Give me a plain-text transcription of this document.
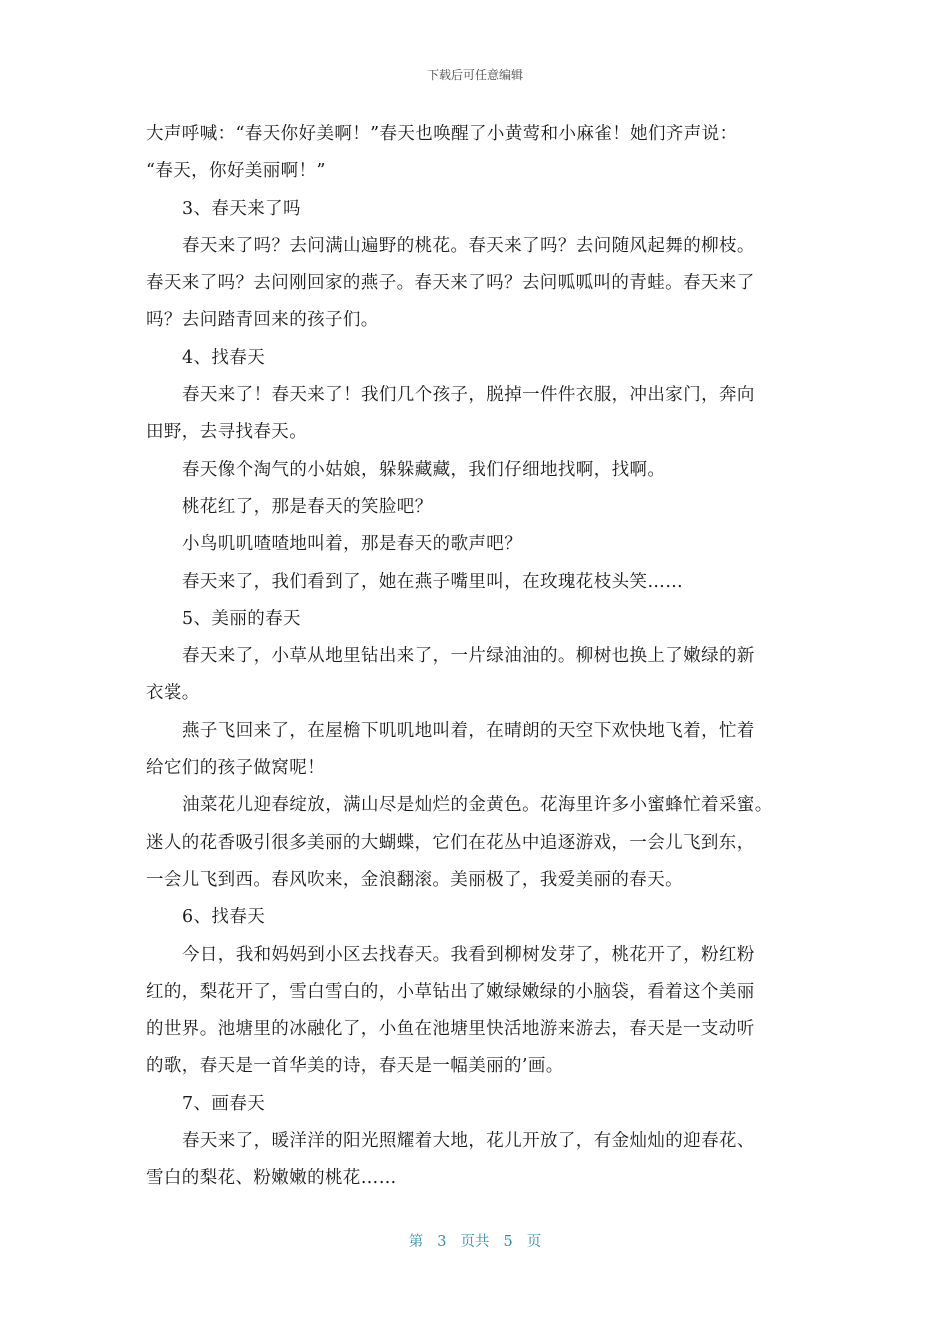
下载后可任意编辑
大声呼喊：“春天你好美啊！”春天也唤醒了小黄莺和小麻雀！她们齐声说：
“春天，你好美丽啊！”
3、春天来了吗
春天来了吗？去问满山遍野的桃花。春天来了吗？去问随风起舞的柳枝。
春天来了吗？去问刚回家的燕子。春天来了吗？去问呱呱叫的青蛙。春天来了
吗？去问踏青回来的孩子们。
4、找春天
春天来了！春天来了！我们几个孩子，脱掉一件件衣服，冲出家门，奔向
田野，去寻找春天。
春天像个淘气的小姑娘，躲躲藏藏，我们仔细地找啊，找啊。
桃花红了，那是春天的笑脸吧？
小鸟叽叽喳喳地叫着，那是春天的歌声吧？
春天来了，我们看到了，她在燕子嘴里叫，在玫瑰花枝头笑……
5、美丽的春天
春天来了，小草从地里钻出来了，一片绿油油的。柳树也换上了嫩绿的新
衣裳。
燕子飞回来了，在屋檐下叽叽地叫着，在晴朗的天空下欢快地飞着，忙着
给它们的孩子做窝呢！
油菜花儿迎春绽放，满山尽是灿烂的金黄色。花海里许多小蜜蜂忙着采蜜。
迷人的花香吸引很多美丽的大蝴蝶，它们在花丛中追逐游戏，一会儿飞到东，
一会儿飞到西。春风吹来，金浪翻滚。美丽极了，我爱美丽的春天。
6、找春天
今日，我和妈妈到小区去找春天。我看到柳树发芽了，桃花开了，粉红粉
红的，梨花开了，雪白雪白的，小草钻出了嫩绿嫩绿的小脑袋，看着这个美丽
的世界。池塘里的冰融化了，小鱼在池塘里快活地游来游去，春天是一支动听
的歌，春天是一首华美的诗，春天是一幅美丽的’画。
7、画春天
春天来了，暖洋洋的阳光照耀着大地，花儿开放了，有金灿灿的迎春花、
雪白的梨花、粉嫩嫩的桃花……
第 3 页共 5 页
